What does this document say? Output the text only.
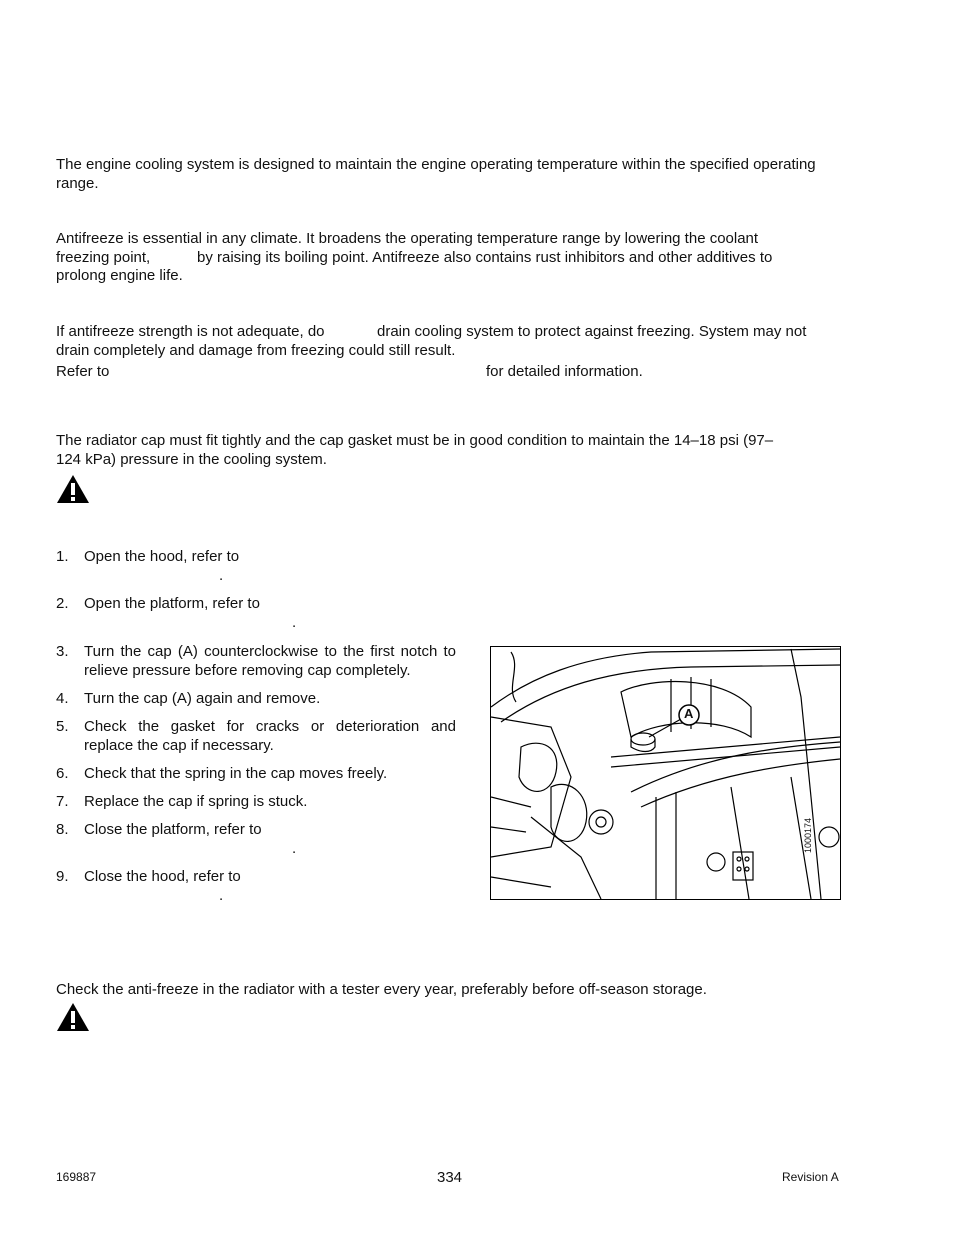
The engine cooling system is designed to maintain the engine operating temperature within the specified operating range.

Antifreeze is essential in any climate. It broadens the operating temperature range by lowering the coolant
freezing point,	by raising its boiling point. Antifreeze also contains rust inhibitors and other additives to
prolong engine life.
If antifreeze strength is not adequate, do	drain cooling system to protect against freezing. System may not
drain completely and damage from freezing could still result.
Refer to	for detailed information.

The radiator cap must fit tightly and the cap gasket must be in good condition to maintain the 14–18 psi (97–124 kPa) pressure in the cooling system.

1. Open the hood, refer to
.
2. Open the platform, refer to
.
3. Turn the cap (A) counterclockwise to the first notch to relieve pressure before removing cap completely.
4. Turn the cap (A) again and remove.
5. Check the gasket for cracks or deterioration and replace the cap if necessary.
6. Check that the spring in the cap moves freely.
7. Replace the cap if spring is stuck.
8. Close the platform, refer to
.
9. Close the hood, refer to
.
A
1000174
Check the anti-freeze in the radiator with a tester every year, preferably before off-season storage.
169887	334	Revision A
